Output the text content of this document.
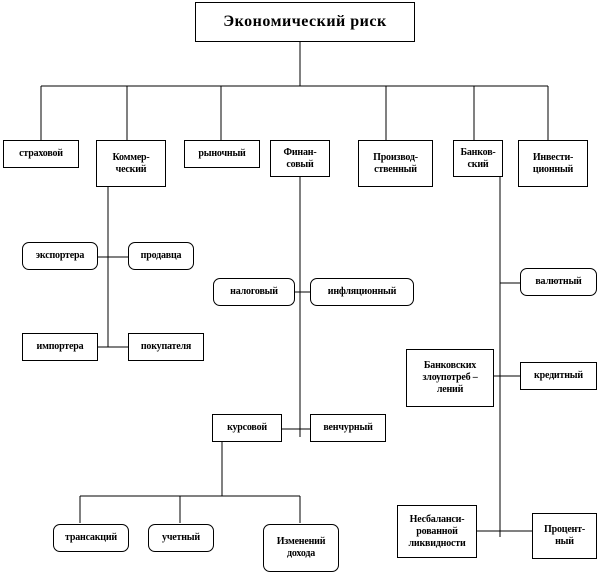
Экономический риск
страховой	Коммер-
ческий
рыночный	Финан-
совый
Производ-
ственный
Банков-
ский
Инвести-
ционный
экспортера	продавца
импортера	покупателя
налоговый	инфляционный
курсовой	венчурный
трансакций	учетный	Изменений
дохода
валютный
Банковских
злоупотреб –
лений
кредитный
Несбаланси-
рованной
ликвидности
Процент-
ный
